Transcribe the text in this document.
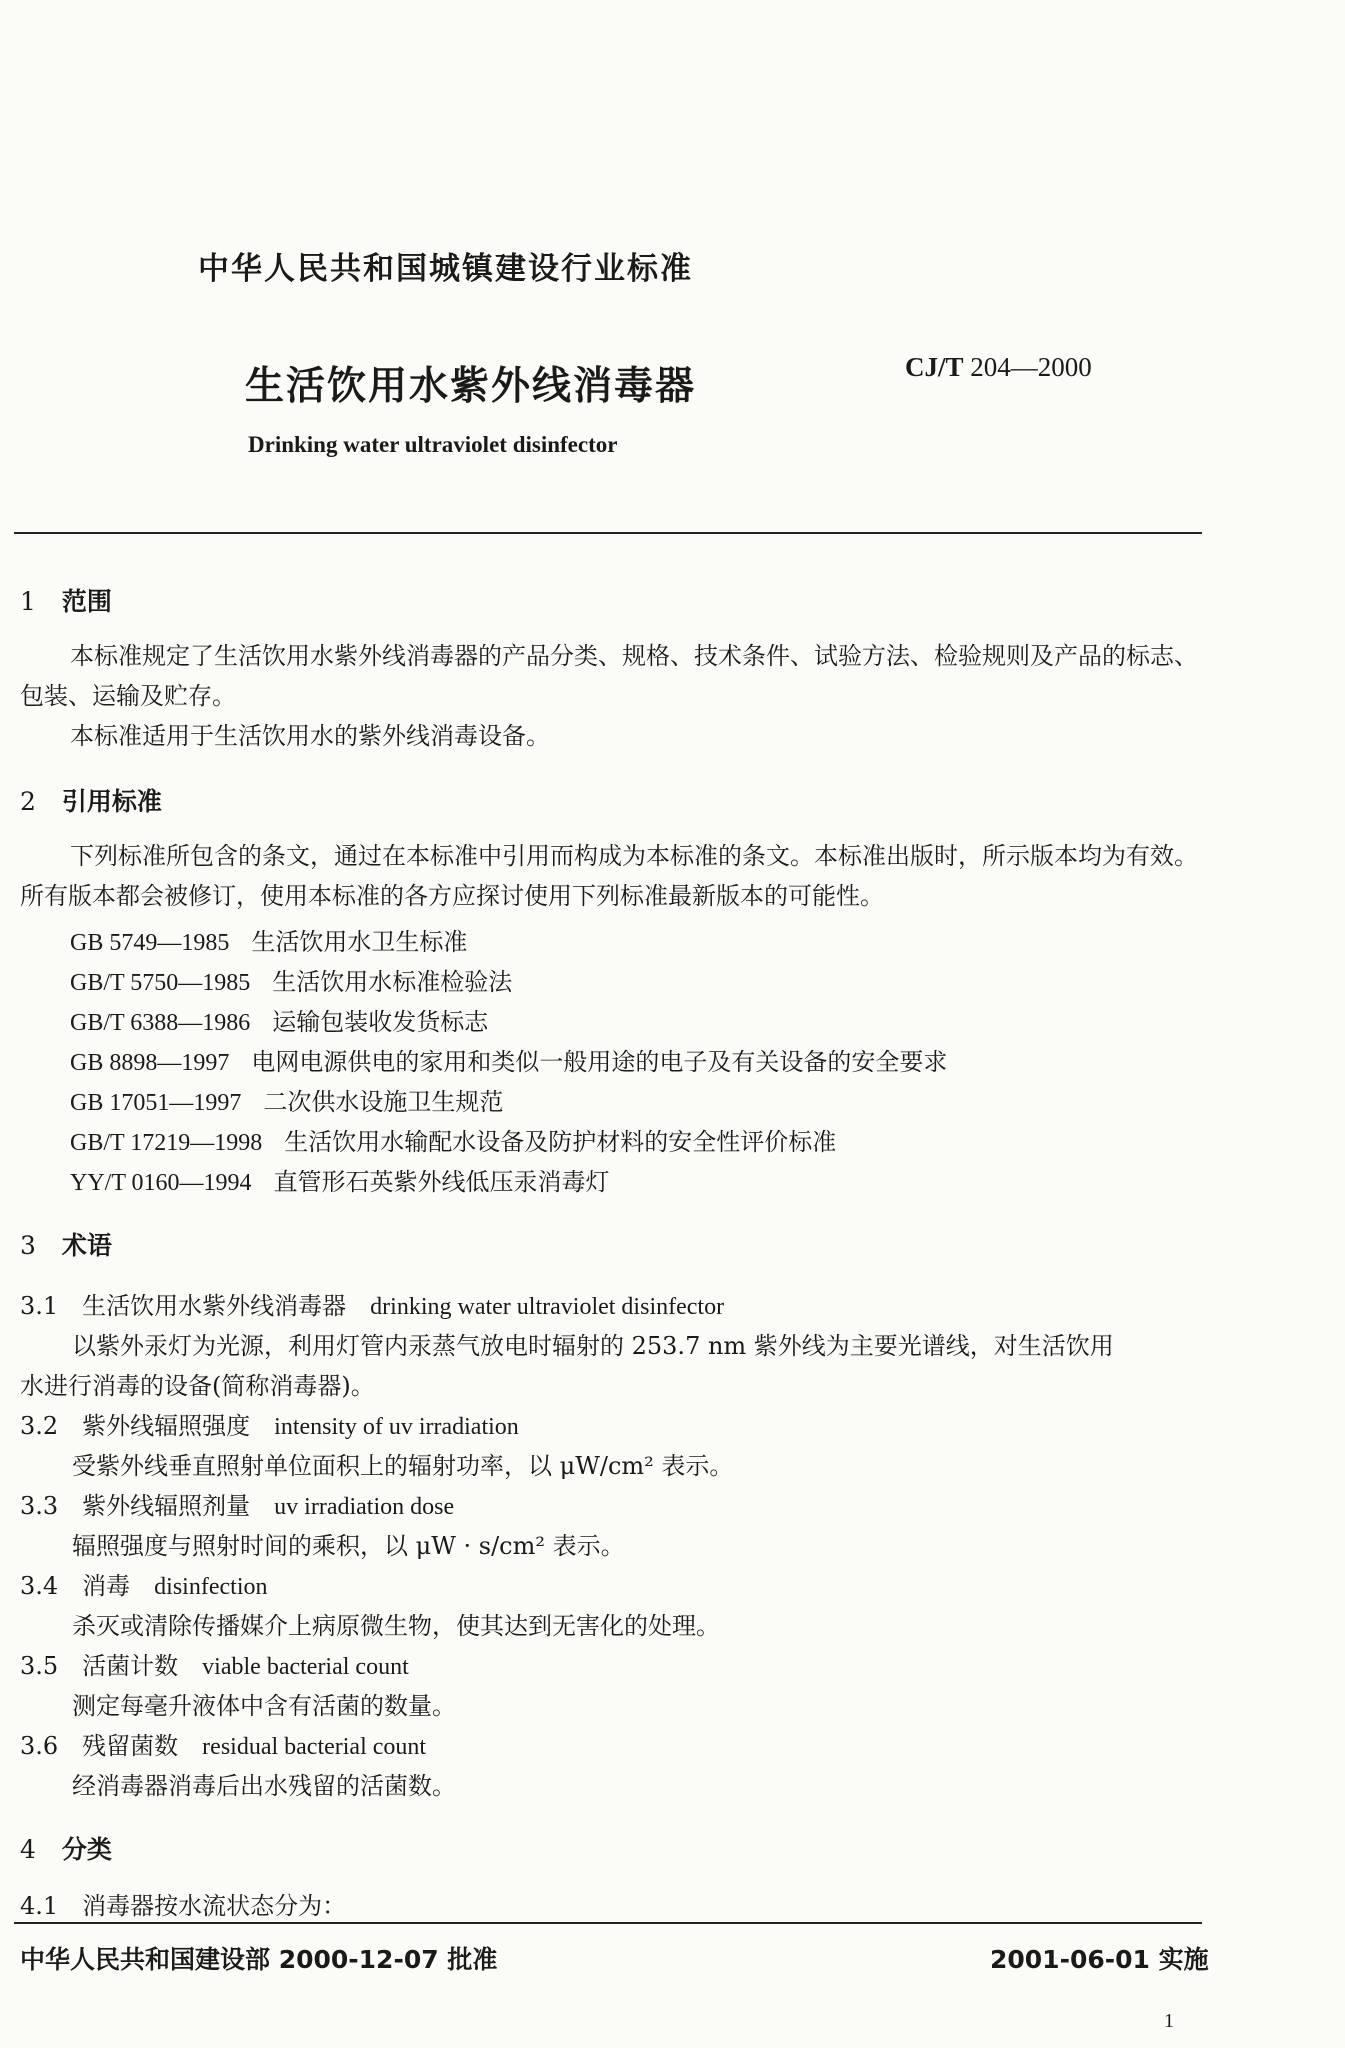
中华人民共和国城镇建设行业标准
生活饮用水紫外线消毒器	CJ/T 204—2000
Drinking water ultraviolet disinfector
1 范围
本标准规定了生活饮用水紫外线消毒器的产品分类、规格、技术条件、试验方法、检验规则及产品的标志、包装、运输及贮存。
本标准适用于生活饮用水的紫外线消毒设备。
2 引用标准
下列标准所包含的条文，通过在本标准中引用而构成为本标准的条文。本标准出版时，所示版本均为有效。所有版本都会被修订，使用本标准的各方应探讨使用下列标准最新版本的可能性。
GB 5749—1985 生活饮用水卫生标准
GB/T 5750—1985 生活饮用水标准检验法
GB/T 6388—1986 运输包装收发货标志
GB 8898—1997 电网电源供电的家用和类似一般用途的电子及有关设备的安全要求
GB 17051—1997 二次供水设施卫生规范
GB/T 17219—1998 生活饮用水输配水设备及防护材料的安全性评价标准
YY/T 0160—1994 直管形石英紫外线低压汞消毒灯
3 术语
3.1 生活饮用水紫外线消毒器 drinking water ultraviolet disinfector
以紫外汞灯为光源，利用灯管内汞蒸气放电时辐射的 253.7 nm 紫外线为主要光谱线，对生活饮用
水进行消毒的设备(简称消毒器)。
3.2 紫外线辐照强度 intensity of uv irradiation
受紫外线垂直照射单位面积上的辐射功率，以 μW/cm² 表示。
3.3 紫外线辐照剂量 uv irradiation dose
辐照强度与照射时间的乘积，以 μW · s/cm² 表示。
3.4 消毒 disinfection
杀灭或清除传播媒介上病原微生物，使其达到无害化的处理。
3.5 活菌计数 viable bacterial count
测定每毫升液体中含有活菌的数量。
3.6 残留菌数 residual bacterial count
经消毒器消毒后出水残留的活菌数。
4 分类
4.1 消毒器按水流状态分为：
中华人民共和国建设部 2000-12-07 批准	2001-06-01 实施
1
